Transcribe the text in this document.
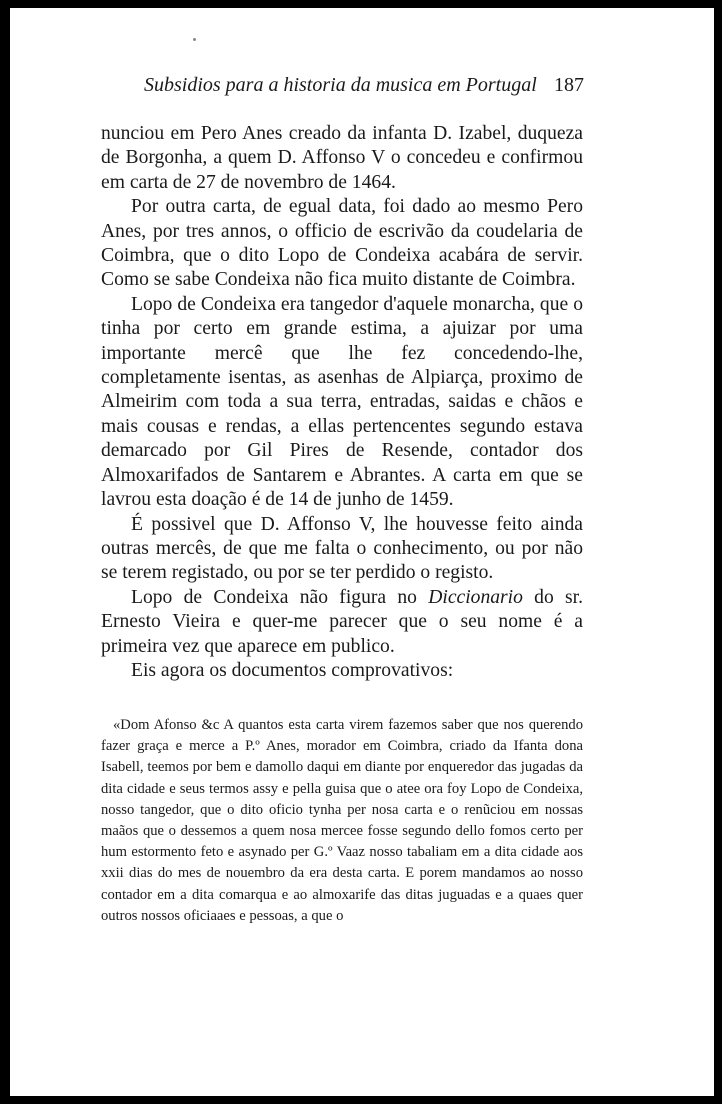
Subsidios para a historia da musica em Portugal 187

nunciou em Pero Anes creado da infanta D. Izabel, duqueza de Borgonha, a quem D. Affonso V o concedeu e confirmou em carta de 27 de novembro de 1464.

Por outra carta, de egual data, foi dado ao mesmo Pero Anes, por tres annos, o officio de escrivão da coudelaria de Coimbra, que o dito Lopo de Condeixa acabára de servir. Como se sabe Condeixa não fica muito distante de Coimbra.

Lopo de Condeixa era tangedor d'aquele monarcha, que o tinha por certo em grande estima, a ajuizar por uma importante mercê que lhe fez concedendo-lhe, completamente isentas, as asenhas de Alpiarça, proximo de Almeirim com toda a sua terra, entradas, saidas e chãos e mais cousas e rendas, a ellas pertencentes segundo estava demarcado por Gil Pires de Resende, contador dos Almoxarifados de Santarem e Abrantes. A carta em que se lavrou esta doação é de 14 de junho de 1459.

É possivel que D. Affonso V, lhe houvesse feito ainda outras mercês, de que me falta o conhecimento, ou por não se terem registado, ou por se ter perdido o registo.

Lopo de Condeixa não figura no Diccionario do sr. Ernesto Vieira e quer-me parecer que o seu nome é a primeira vez que aparece em publico.

Eis agora os documentos comprovativos:

«Dom Afonso &c A quantos esta carta virem fazemos saber que nos querendo fazer graça e merce a P.º Anes, morador em Coimbra, criado da Ifanta dona Isabell, teemos por bem e damollo daqui em diante por enqueredor das jugadas da dita cidade e seus termos assy e pella guisa que o atee ora foy Lopo de Condeixa, nosso tangedor, que o dito oficio tynha per nosa carta e o renũciou em nossas maãos que o dessemos a quem nosa mercee fosse segundo dello fomos certo per hum estormento feto e asynado per G.º Vaaz nosso tabaliam em a dita cidade aos xxii dias do mes de nouembro da era desta carta. E porem mandamos ao nosso contador em a dita comarqua e ao almoxarife das ditas juguadas e a quaes quer outros nossos oficiaaes e pessoas, a que o
